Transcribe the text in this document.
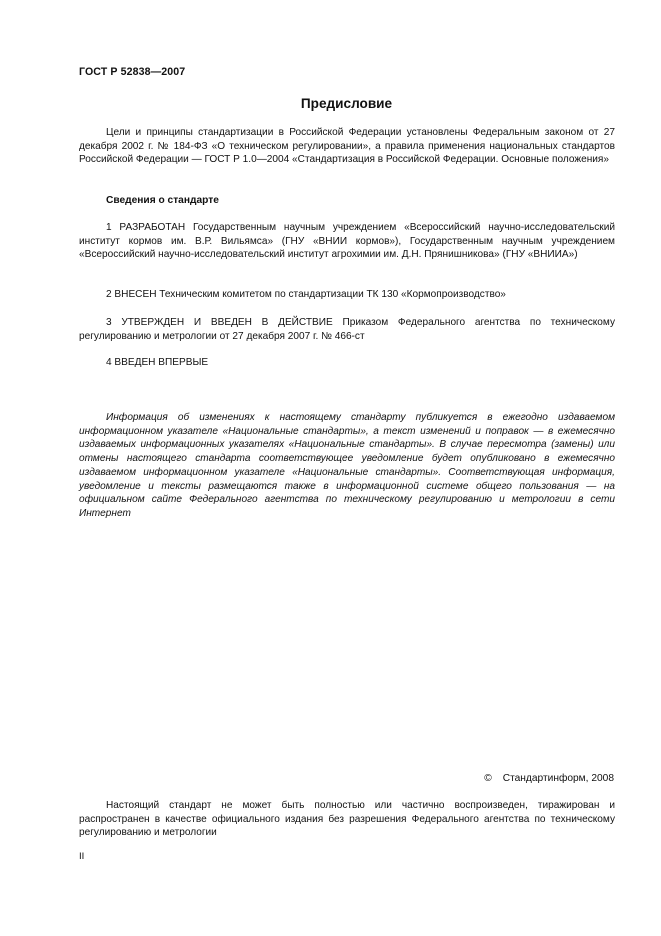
ГОСТ Р 52838—2007
Предисловие

Цели и принципы стандартизации в Российской Федерации установлены Федеральным законом от 27 декабря 2002 г. № 184-ФЗ «О техническом регулировании», а правила применения национальных стандартов Российской Федерации — ГОСТ Р 1.0—2004 «Стандартизация в Российской Федерации. Основные положения»

Сведения о стандарте

1 РАЗРАБОТАН Государственным научным учреждением «Всероссийский научно-исследовательский институт кормов им. В.Р. Вильямса» (ГНУ «ВНИИ кормов»), Государственным научным учреждением «Всероссийский научно-исследовательский институт агрохимии им. Д.Н. Прянишникова» (ГНУ «ВНИИА»)

2 ВНЕСЕН Техническим комитетом по стандартизации ТК 130 «Кормопроизводство»

3 УТВЕРЖДЕН И ВВЕДЕН В ДЕЙСТВИЕ Приказом Федерального агентства по техническому регулированию и метрологии от 27 декабря 2007 г. № 466-ст

4 ВВЕДЕН ВПЕРВЫЕ

Информация об изменениях к настоящему стандарту публикуется в ежегодно издаваемом информационном указателе «Национальные стандарты», а текст изменений и поправок — в ежемесячно издаваемых информационных указателях «Национальные стандарты». В случае пересмотра (замены) или отмены настоящего стандарта соответствующее уведомление будет опубликовано в ежемесячно издаваемом информационном указателе «Национальные стандарты». Соответствующая информация, уведомление и тексты размещаются также в информационной системе общего пользования — на официальном сайте Федерального агентства по техническому регулированию и метрологии в сети Интернет

© Стандартинформ, 2008

Настоящий стандарт не может быть полностью или частично воспроизведен, тиражирован и распространен в качестве официального издания без разрешения Федерального агентства по техническому регулированию и метрологии

II
